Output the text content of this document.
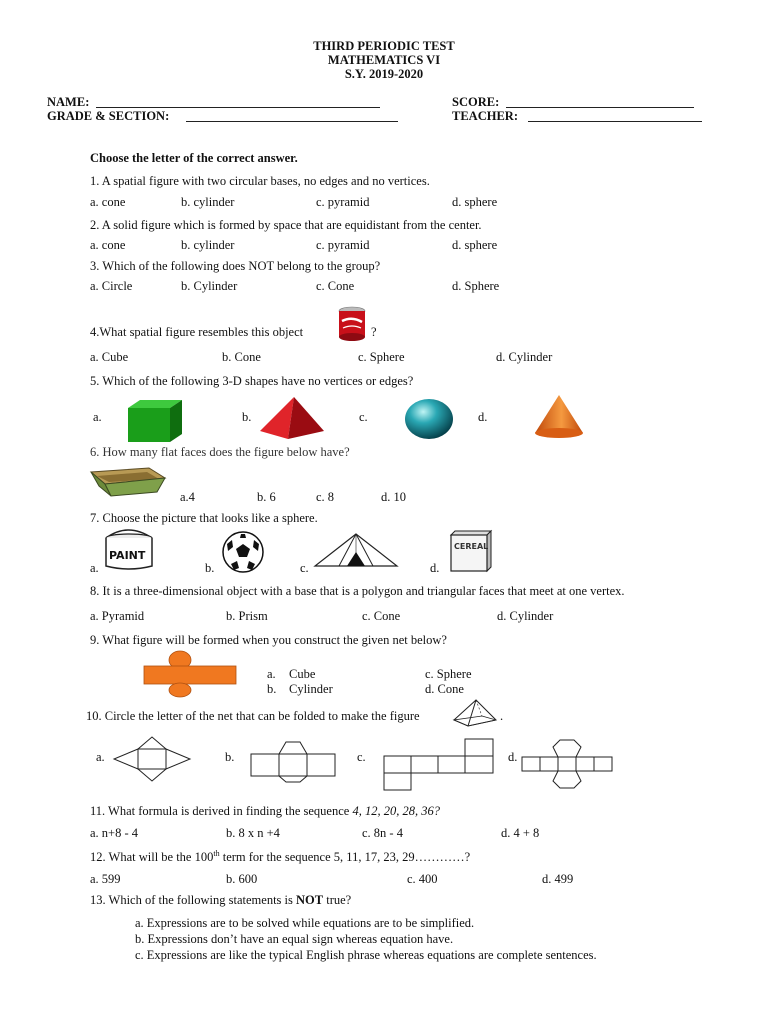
THIRD PERIODIC TEST
MATHEMATICS VI
S.Y. 2019-2020
NAME:	SCORE:
GRADE & SECTION:	TEACHER:
Choose the letter of the correct answer.
1. A spatial figure with two circular bases, no edges and no vertices.
a. cone	b. cylinder	c. pyramid	d. sphere
2. A solid figure which is formed by space that are equidistant from the center.
a. cone	b. cylinder	c. pyramid	d. sphere
3. Which of the following does NOT belong to the group?
a. Circle	b. Cylinder	c. Cone	d. Sphere
4.What spatial figure resembles this object	?
a. Cube	b. Cone	c. Sphere	d. Cylinder
5. Which of the following 3-D shapes have no vertices or edges?
a.	b.	c.	d.
6. How many flat faces does the figure below have?
a.4	b. 6	c. 8	d. 10
7. Choose the picture that looks like a sphere.
a.
PAINT
b.	c.	d.
CEREAL
8. It is a three-dimensional object with a base that is a polygon and triangular faces that meet at one vertex.
a. Pyramid	b. Prism	c. Cone	d. Cylinder
9. What figure will be formed when you construct the given net below?
a. Cube
b. Cylinder
c. Sphere
d. Cone
10. Circle the letter of the net that can be folded to make the figure	.
a.	b.	c.	d.
11. What formula is derived in finding the sequence 4, 12, 20, 28, 36?
a. n+8 - 4	b. 8 x n +4	c. 8n - 4	d. 4 + 8
12. What will be the 100th term for the sequence 5, 11, 17, 23, 29…………?
a. 599	b. 600	c. 400	d. 499
13. Which of the following statements is NOT true?
a. Expressions are to be solved while equations are to be simplified.
b. Expressions don’t have an equal sign whereas equation have.
c. Expressions are like the typical English phrase whereas equations are complete sentences.
